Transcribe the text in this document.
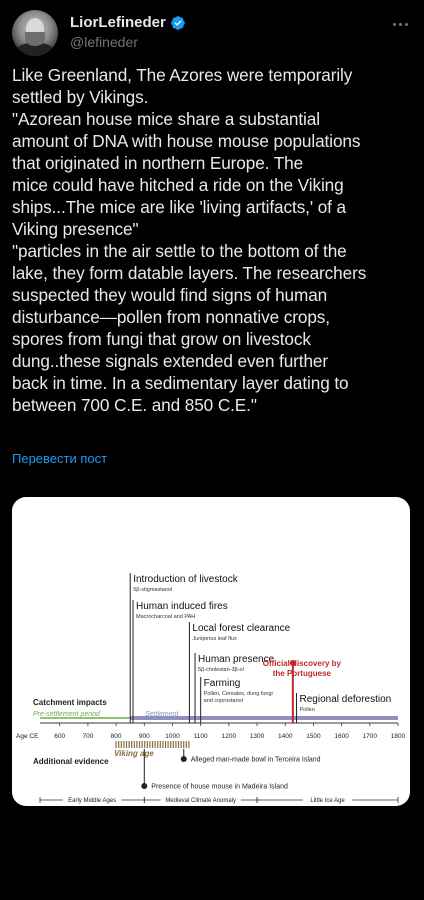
LiorLefineder
@lefineder
Like Greenland, The Azores were temporarily
settled by Vikings.
"Azorean house mice share a substantial
amount of DNA with house mouse populations
that originated in northern Europe. The
mice could have hitched a ride on the Viking
ships...The mice are like 'living artifacts,' of a
Viking presence"
"particles in the air settle to the bottom of the
lake, they form datable layers. The researchers
suspected they would find signs of human
disturbance—pollen from nonnative crops,
spores from fungi that grow on livestock
dung..these signals extended even further
back in time. In a sedimentary layer dating to
between 700 C.E. and 850 C.E."
Перевести пост
Pre-settlement period	Settlement
Catchment impacts
Age CE 600	700	800	900 1000 1100 1200 1300 1400 1500 1600 1700 1800
Introduction of livestock
5β-stigmastanol
Human induced fires
Macrocharcoal and PAH
Local forest clearance
Juniperus leaf flux
Human presence
5β-cholestan-3β-ol
Farming
Pollen, Cereales, dung fungi
and coprostanol	Regional deforestion
Pollen
Official discovery by
the Portuguese
Viking age
Additional evidence	Alleged man-made bowl in Terceira Island
Presence of house mouse in Madeira Island
Early Middle Ages	Medieval Climate Anomaly	Little Ice Age
